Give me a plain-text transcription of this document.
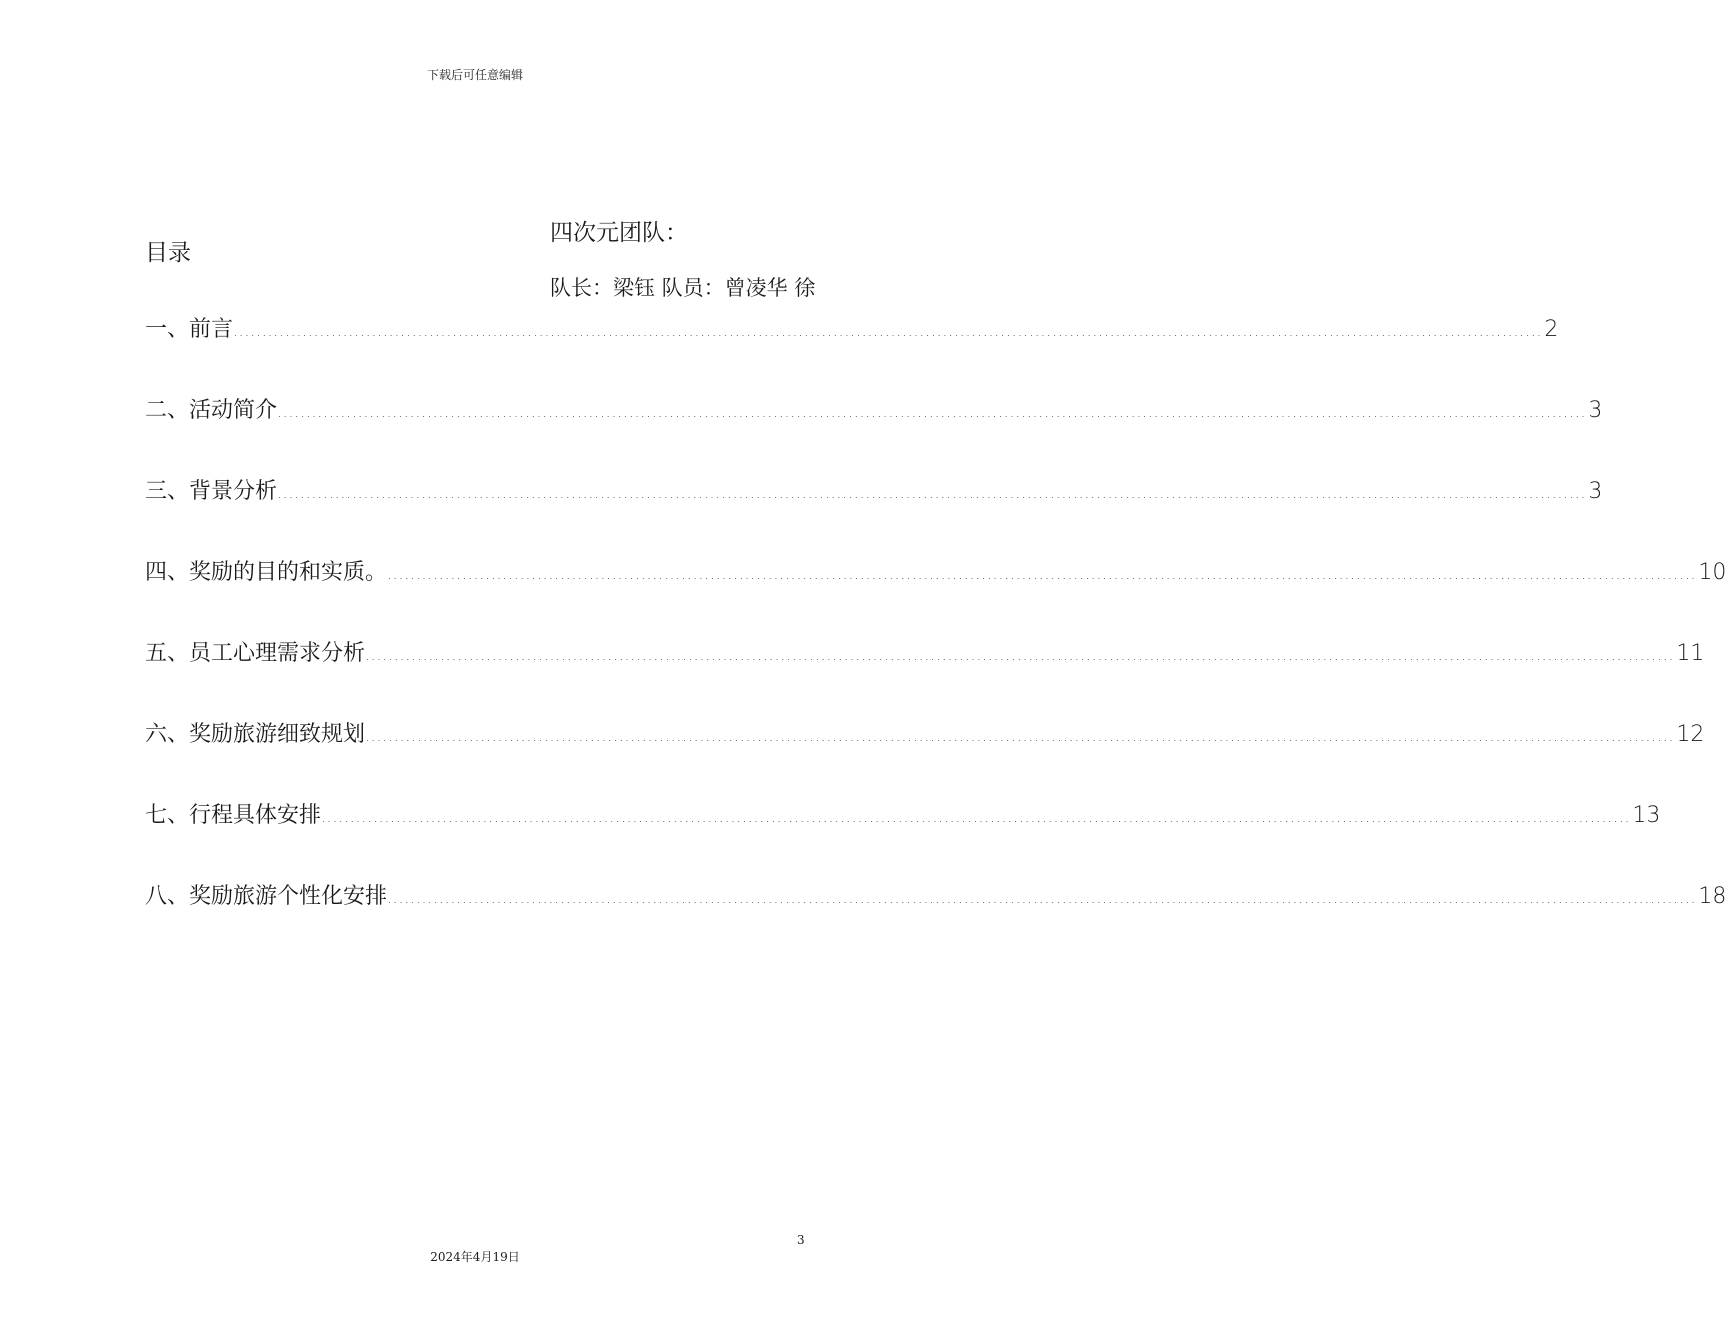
下载后可任意编辑
目录
四次元团队：
队长：梁钰 队员：曾凌华 徐
一、 前言 .....	2
二、 活动简介 .....	3
三、 背景分析 .....	3
四、 奖励的目的和实质。 .....	10
五、 员工心理需求分析 .....	11
六、 奖励旅游细致规划 .....	12
七、 行程具体安排 .....	13
八、 奖励旅游个性化安排 .....	18
3
2024年4月19日
